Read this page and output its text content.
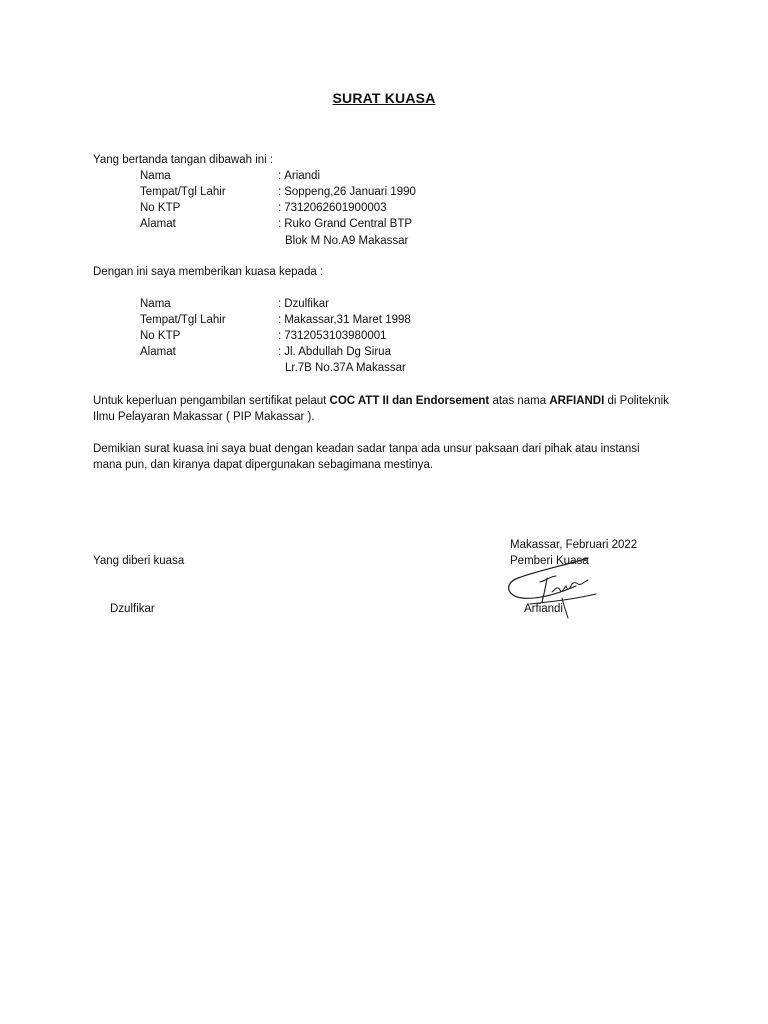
SURAT KUASA
Yang bertanda tangan dibawah ini :
Nama	: Ariandi
Tempat/Tgl Lahir	: Soppeng,26 Januari 1990
No KTP	: 7312062601900003
Alamat	: Ruko Grand Central BTP
Blok M No.A9 Makassar
Dengan ini saya memberikan kuasa kepada :
Nama	: Dzulfikar
Tempat/Tgl Lahir	: Makassar,31 Maret 1998
No KTP	: 7312053103980001
Alamat	: Jl. Abdullah Dg Sirua
Lr.7B No.37A Makassar
Untuk keperluan pengambilan sertifikat pelaut COC ATT II dan Endorsement atas nama ARFIANDI di Politeknik
Ilmu Pelayaran Makassar ( PIP Makassar ).
Demikian surat kuasa ini saya buat dengan keadan sadar tanpa ada unsur paksaan dari pihak atau instansi
mana pun, dan kiranya dapat dipergunakan sebagimana mestinya.
Makassar, Februari 2022
Yang diberi kuasa	Pemberi Kuasa
Dzulfikar	Arfiandi
